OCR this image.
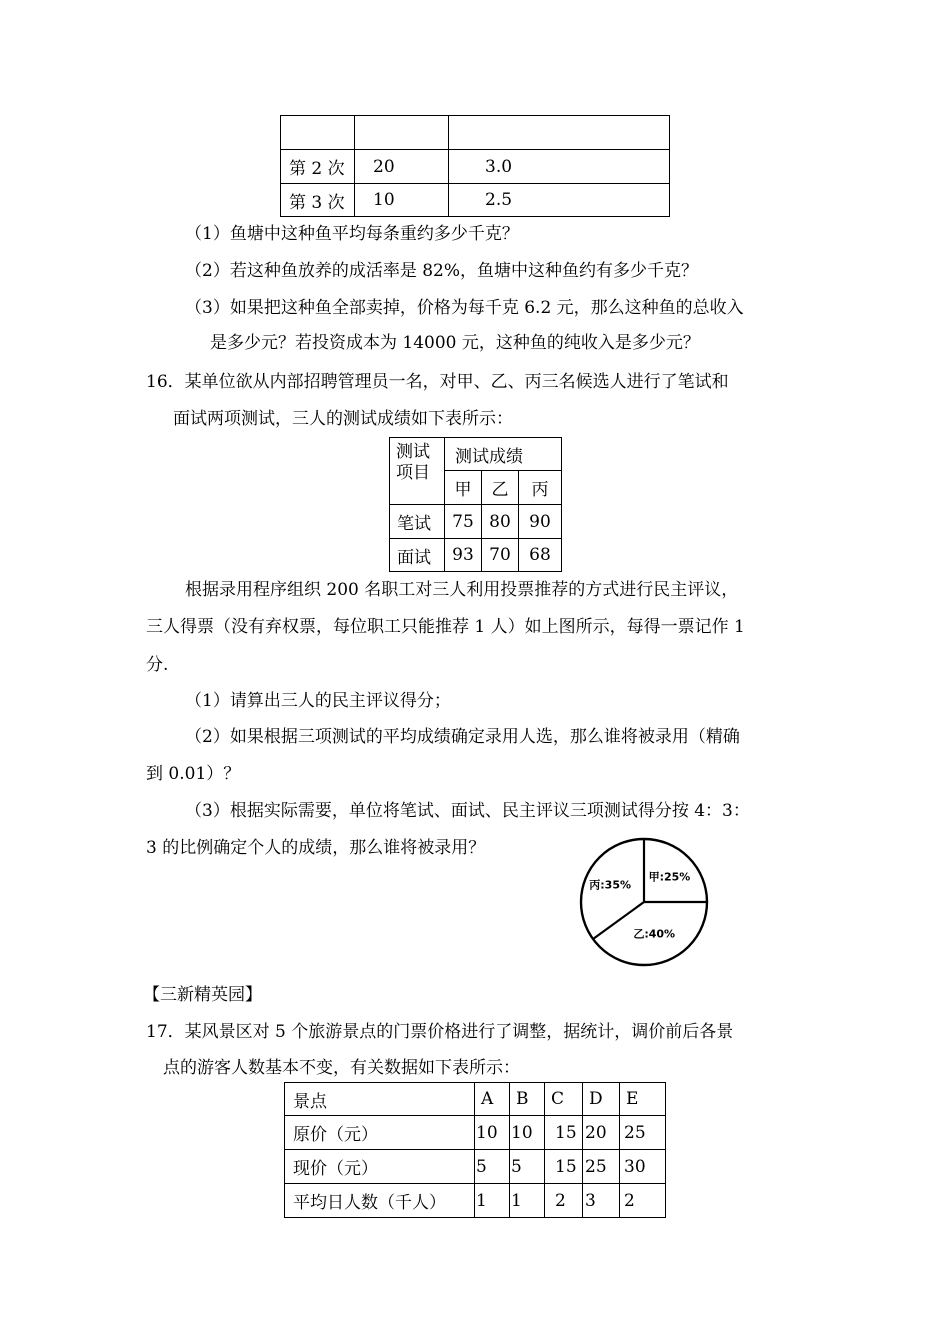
第 2 次	20	3.0
第 3 次	10	2.5
（1）鱼塘中这种鱼平均每条重约多少千克？
（2）若这种鱼放养的成活率是 82%，鱼塘中这种鱼约有多少千克？
（3）如果把这种鱼全部卖掉，价格为每千克 6.2 元，那么这种鱼的总收入
是多少元？若投资成本为 14000 元，这种鱼的纯收入是多少元？
16．某单位欲从内部招聘管理员一名，对甲、乙、丙三名候选人进行了笔试和
面试两项测试，三人的测试成绩如下表所示：
测试项目	测试成绩		
	甲	乙	丙
笔试	75	80	90
面试	93	70	68
根据录用程序组织 200 名职工对三人利用投票推荐的方式进行民主评议，
三人得票（没有弃权票，每位职工只能推荐 1 人）如上图所示，每得一票记作 1
分.
（1）请算出三人的民主评议得分；
（2）如果根据三项测试的平均成绩确定录用人选，那么谁将被录用（精确
到 0.01）？
（3）根据实际需要，单位将笔试、面试、民主评议三项测试得分按 4：3：
3 的比例确定个人的成绩，那么谁将被录用？
甲:25%
乙:40%
丙:35%
【三新精英园】
17．某风景区对 5 个旅游景点的门票价格进行了调整，据统计，调价前后各景
点的游客人数基本不变，有关数据如下表所示：
景点	A	B	C	D	E
原价（元）	10	10	15	20	25
现价（元）	5	5	15	25	30
平均日人数（千人）	1	1	2	3	2
